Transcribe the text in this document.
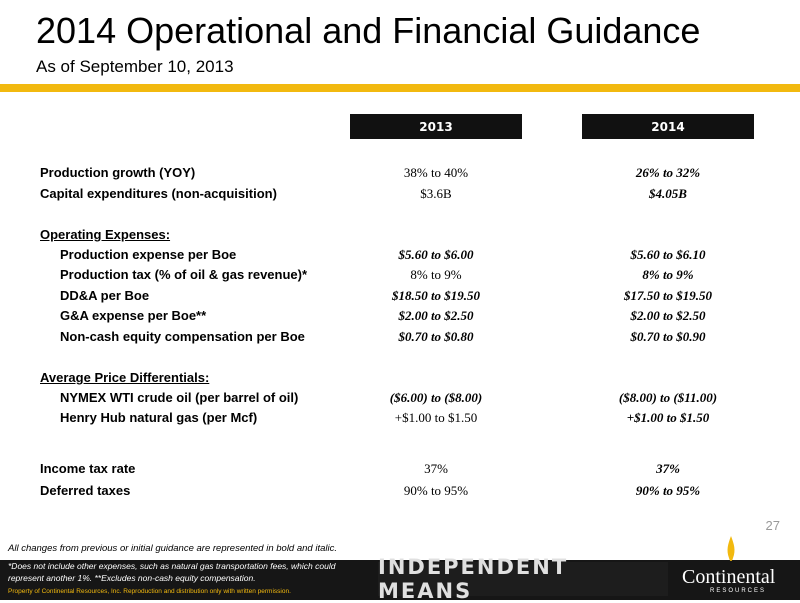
2014 Operational and Financial Guidance
As of September 10, 2013
2013	2014
Production growth (YOY)	38% to 40%	26% to 32%
Capital expenditures (non-acquisition)	$3.6B	$4.05B
Operating Expenses:
Production expense per Boe	$5.60 to $6.00	$5.60 to $6.10
Production tax (% of oil & gas revenue)*	8% to 9%	8% to 9%
DD&A per Boe	$18.50 to $19.50	$17.50 to $19.50
G&A expense per Boe**	$2.00 to $2.50	$2.00 to $2.50
Non-cash equity compensation per Boe	$0.70 to $0.80	$0.70 to $0.90
Average Price Differentials:
NYMEX WTI crude oil (per barrel of oil)	($6.00) to ($8.00)	($8.00) to ($11.00)
Henry Hub natural gas (per Mcf)	+$1.00 to $1.50	+$1.00 to $1.50
Income tax rate	37%	37%
Deferred taxes	90% to 95%	90% to 95%
27
All changes from previous or initial guidance are represented in bold and italic.
*Does not include other expenses, such as natural gas transportation fees, which could represent another 1%. **Excludes non-cash equity compensation.	INDEPENDENT MEANS
Continental
RESOURCES
Property of Continental Resources, Inc. Reproduction and distribution only with written permission.
